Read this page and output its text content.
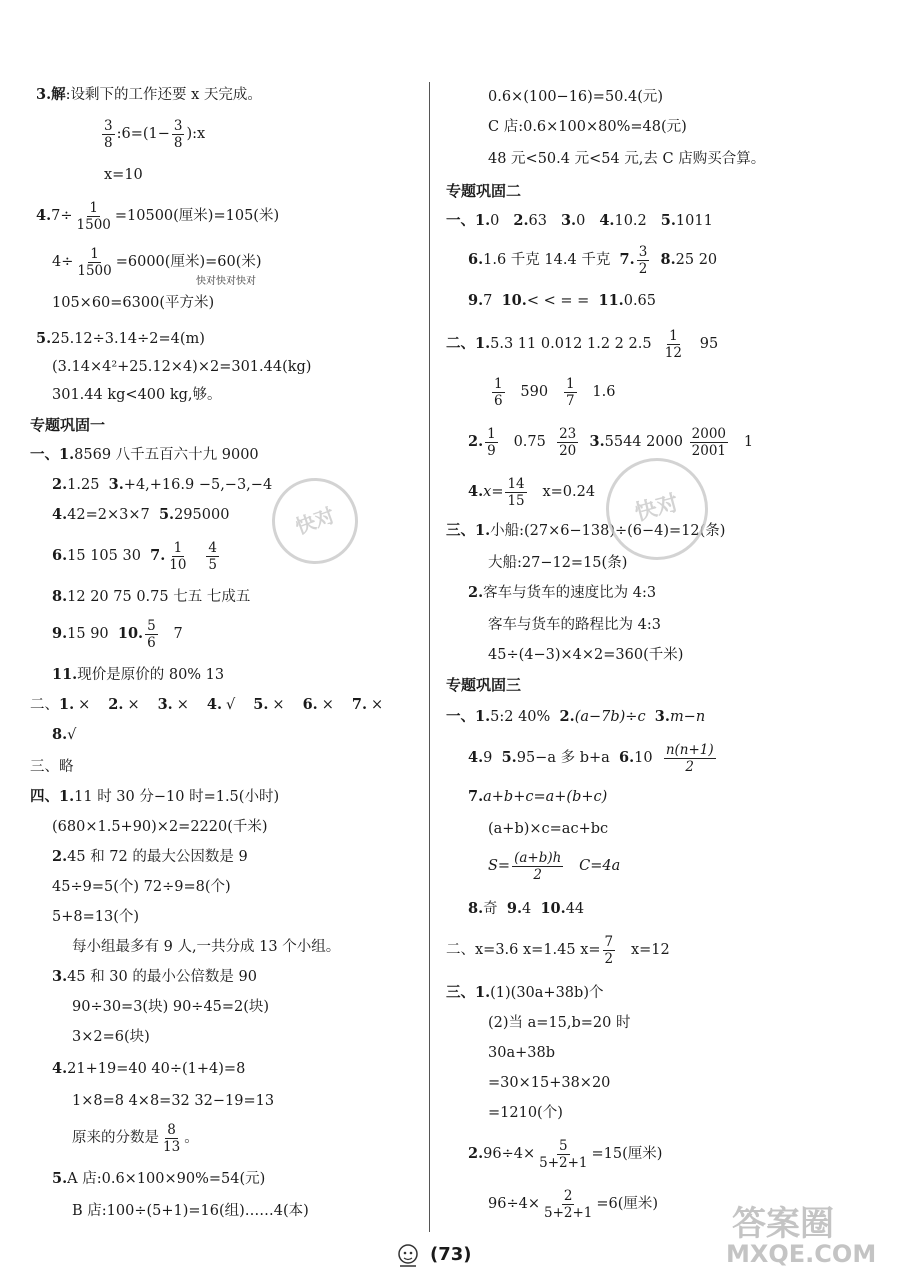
3.解:设剩下的工作还要 x 天完成。
$\frac{3}{8}$ :6=(1− $\frac{3}{8}$ ):x
x=10
$4.7\div \frac{1}{1500} =10500$(厘米)=105(米)
$4\div \frac{1}{1500} =6000$(厘米)=60(米)
105×60=6300(平方米)
5.25.12÷3.14÷2=4(m)
(3.14×4²+25.12×4)×2=301.44(kg)
301.44 kg<400 kg,够。
专题巩固一
一、1.8569 八千五百六十九 9000
2.1.25 3.+4,+16.9 −5,−3,−4
4.42=2×3×7 5.295000
6.15 105 30 7. $\frac{1}{10}$
$\frac{4}{5}$
8.12 20 75 0.75 七五 七成五
9.15 90 10. $\frac{5}{6} 7$
11.现价是原价的 80% 13
二、1. × 2. × 3. × 4. √ 5. × 6. × 7. ×
8.√
三、略
四、1.11 时 30 分−10 时=1.5(小时)
(680×1.5+90)×2=2220(千米)
2.45 和 72 的最大公因数是 9
45÷9=5(个) 72÷9=8(个)
5+8=13(个)
每小组最多有 9 人,一共分成 13 个小组。
3.45 和 30 的最小公倍数是 90
90÷30=3(块) 90÷45=2(块)
3×2=6(块)
4.21+19=40 40÷(1+4)=8
1×8=8 4×8=32 32−19=13
原来的分数是 $\frac{8}{13}$ 。
5.A 店:0.6×100×90%=54(元)
B 店:100÷(5+1)=16(组)……4(本)
0.6×(100−16)=50.4(元)
C 店:0.6×100×80%=48(元)
48 元<50.4 元<54 元,去 C 店购买合算。
专题巩固二
一、1.0 2.63 3.0 4.10.2 5.1011
6.1.6 千克 14.4 千克 7. $\frac{3}{2} 8.25$ 20
9.7 10.< < = = 11.0.65
二、1.5.3 11 0.012 1.2 2 $2.5 \frac{1}{12} 95$
$\frac{1}{6} 590 \frac{1}{7} 1.6$
2. $\frac{1}{9} 0.75 \frac{23}{20} 3.5544$ $2000 \frac{2000}{2001} 1$
$4.x= \frac{14}{15} x=0.24$
三、1.小船:(27×6−138)÷(6−4)=12(条)
大船:27−12=15(条)
2.客车与货车的速度比为 4:3
客车与货车的路程比为 4:3
45÷(4−3)×4×2=360(千米)
专题巩固三
一、1.5:2 40% 2.(a−7b)÷c 3.m−n
4.9 5.95−a 多 b+a $6.10 \frac{n(n+1)}{2}$
7.a+b+c=a+(b+c)
(a+b)×c=ac+bc
$S= \frac{(a+b)h}{2} C=4a$
8.奇 9.4 10.44
二、x=3.6 x=1.45 $x= \frac{7}{2} x=12$
三、1.(1)(30a+38b)个
(2)当 a=15,b=20 时
30a+38b
=30×15+38×20
=1210(个)
$2.96\div 4\times \frac{5}{5+2+1} =15$(厘米)
$96\div 4\times \frac{2}{5+2+1} =6$(厘米)
快对	快对
快对快对快对
答案圈
MXQE.COM
( 73 )
